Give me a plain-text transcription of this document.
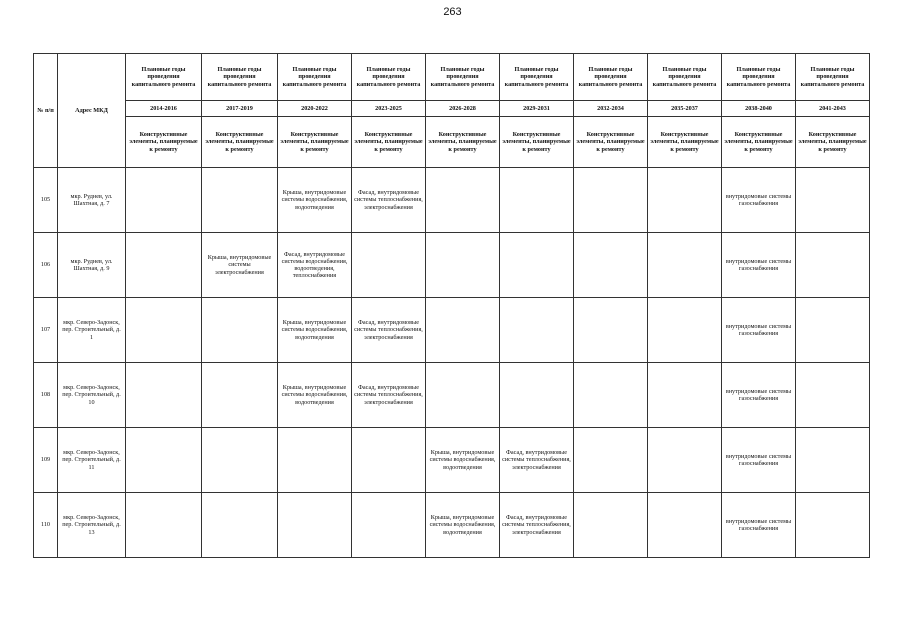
263
№ п/п	Адрес МКД	Плановые годы проведения капитального ремонта	Плановые годы проведения капитального ремонта	Плановые годы проведения капитального ремонта	Плановые годы проведения капитального ремонта	Плановые годы проведения капитального ремонта	Плановые годы проведения капитального ремонта	Плановые годы проведения капитального ремонта	Плановые годы проведения капитального ремонта	Плановые годы проведения капитального ремонта	Плановые годы проведения капитального ремонта
		2014-2016	2017-2019	2020-2022	2023-2025	2026-2028	2029-2031	2032-2034	2035-2037	2038-2040	2041-2043
		Конструктивные элементы, планируемые к ремонту	Конструктивные элементы, планируемые к ремонту	Конструктивные элементы, планируемые к ремонту	Конструктивные элементы, планируемые к ремонту	Конструктивные элементы, планируемые к ремонту	Конструктивные элементы, планируемые к ремонту	Конструктивные элементы, планируемые к ремонту	Конструктивные элементы, планируемые к ремонту	Конструктивные элементы, планируемые к ремонту	Конструктивные элементы, планируемые к ремонту
105	мкр. Руднев, ул. Шахтная, д. 7			Крыша, внутридомовые системы водоснабжения, водоотведения	Фасад, внутридомовые системы теплоснабжения, электроснабжения					внутридомовые системы газоснабжения	
106	мкр. Руднев, ул. Шахтная, д. 9		Крыша, внутридомовые системы электроснабжения	Фасад, внутридомовые системы водоснабжения, водоотведения, теплоснабжения						внутридомовые системы газоснабжения	
107	мкр. Северо-Задонск, пер. Строительный, д. 1			Крыша, внутридомовые системы водоснабжения, водоотведения	Фасад, внутридомовые системы теплоснабжения, электроснабжения					внутридомовые системы газоснабжения	
108	мкр. Северо-Задонск, пер. Строительный, д. 10			Крыша, внутридомовые системы водоснабжения, водоотведения	Фасад, внутридомовые системы теплоснабжения, электроснабжения					внутридомовые системы газоснабжения	
109	мкр. Северо-Задонск, пер. Строительный, д. 11					Крыша, внутридомовые системы водоснабжения, водоотведения	Фасад, внутридомовые системы теплоснабжения, электроснабжения			внутридомовые системы газоснабжения	
110	мкр. Северо-Задонск, пер. Строительный, д. 13					Крыша, внутридомовые системы водоснабжения, водоотведения	Фасад, внутридомовые системы теплоснабжения, электроснабжения			внутридомовые системы газоснабжения	
